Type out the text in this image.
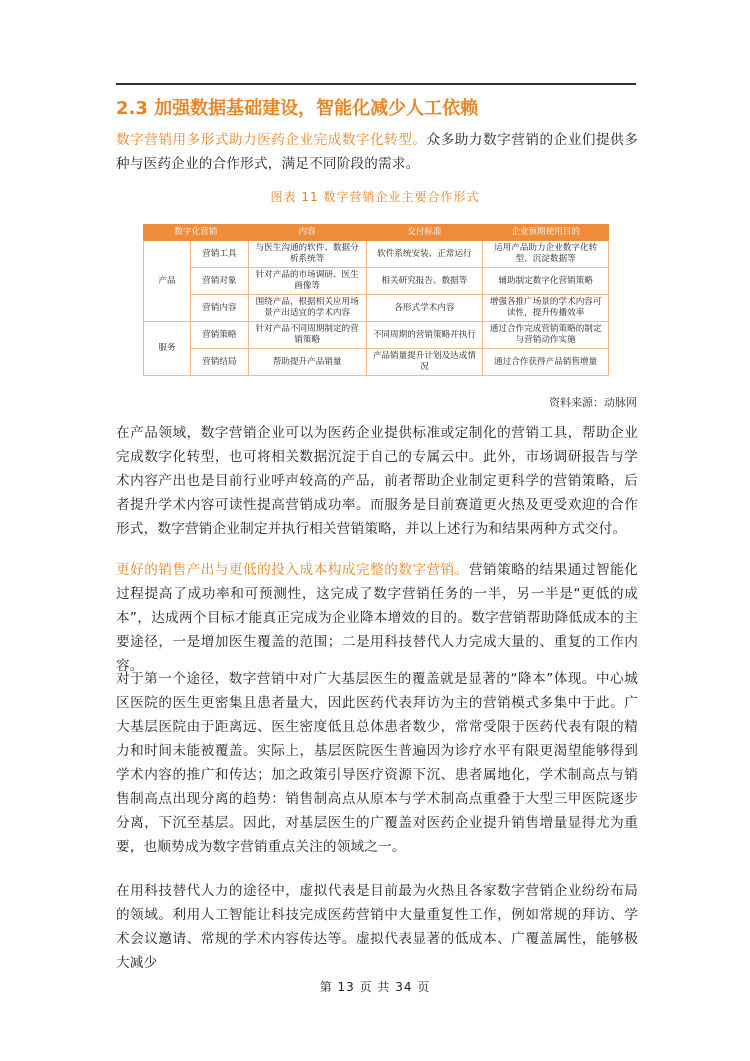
2.3 加强数据基础建设，智能化减少人工依赖
数字营销用多形式助力医药企业完成数字化转型。众多助力数字营销的企业们提供多种与医药企业的合作形式，满足不同阶段的需求。
图表 11 数字营销企业主要合作形式
数字化营销		内容	交付标准	企业预期使用目的
产品	营销工具	与医生沟通的软件、数据分析系统等	软件系统安装、正常运行	运用产品助力企业数字化转型、沉淀数据等
	营销对象	针对产品的市场调研、医生画像等	相关研究报告、数据等	辅助制定数字化营销策略
	营销内容	围绕产品，根据相关应用场景产出适宜的学术内容	各形式学术内容	增强各推广场景的学术内容可读性，提升传播效率
服务	营销策略	针对产品不同周期制定的营销策略	不同周期的营销策略并执行	通过合作完成营销策略的制定与营销动作实施
	营销结局	帮助提升产品销量	产品销量提升计划及达成情况	通过合作获得产品销售增量
资料来源：动脉网
在产品领域，数字营销企业可以为医药企业提供标准或定制化的营销工具，帮助企业完成数字化转型，也可将相关数据沉淀于自己的专属云中。此外，市场调研报告与学术内容产出也是目前行业呼声较高的产品，前者帮助企业制定更科学的营销策略，后者提升学术内容可读性提高营销成功率。而服务是目前赛道更火热及更受欢迎的合作形式，数字营销企业制定并执行相关营销策略，并以上述行为和结果两种方式交付。
更好的销售产出与更低的投入成本构成完整的数字营销。营销策略的结果通过智能化过程提高了成功率和可预测性，这完成了数字营销任务的一半，另一半是“更低的成本”，达成两个目标才能真正完成为企业降本增效的目的。数字营销帮助降低成本的主要途径，一是增加医生覆盖的范围；二是用科技替代人力完成大量的、重复的工作内容。
对于第一个途径，数字营销中对广大基层医生的覆盖就是显著的“降本”体现。中心城区医院的医生更密集且患者量大，因此医药代表拜访为主的营销模式多集中于此。广大基层医院由于距离远、医生密度低且总体患者数少，常常受限于医药代表有限的精力和时间未能被覆盖。实际上，基层医院医生普遍因为诊疗水平有限更渴望能够得到学术内容的推广和传达；加之政策引导医疗资源下沉、患者属地化，学术制高点与销售制高点出现分离的趋势：销售制高点从原本与学术制高点重叠于大型三甲医院逐步分离，下沉至基层。因此，对基层医生的广覆盖对医药企业提升销售增量显得尤为重要，也顺势成为数字营销重点关注的领域之一。
在用科技替代人力的途径中，虚拟代表是目前最为火热且各家数字营销企业纷纷布局的领域。利用人工智能让科技完成医药营销中大量重复性工作，例如常规的拜访、学术会议邀请、常规的学术内容传达等。虚拟代表显著的低成本、广覆盖属性，能够极大减少
第 13 页 共 34 页
